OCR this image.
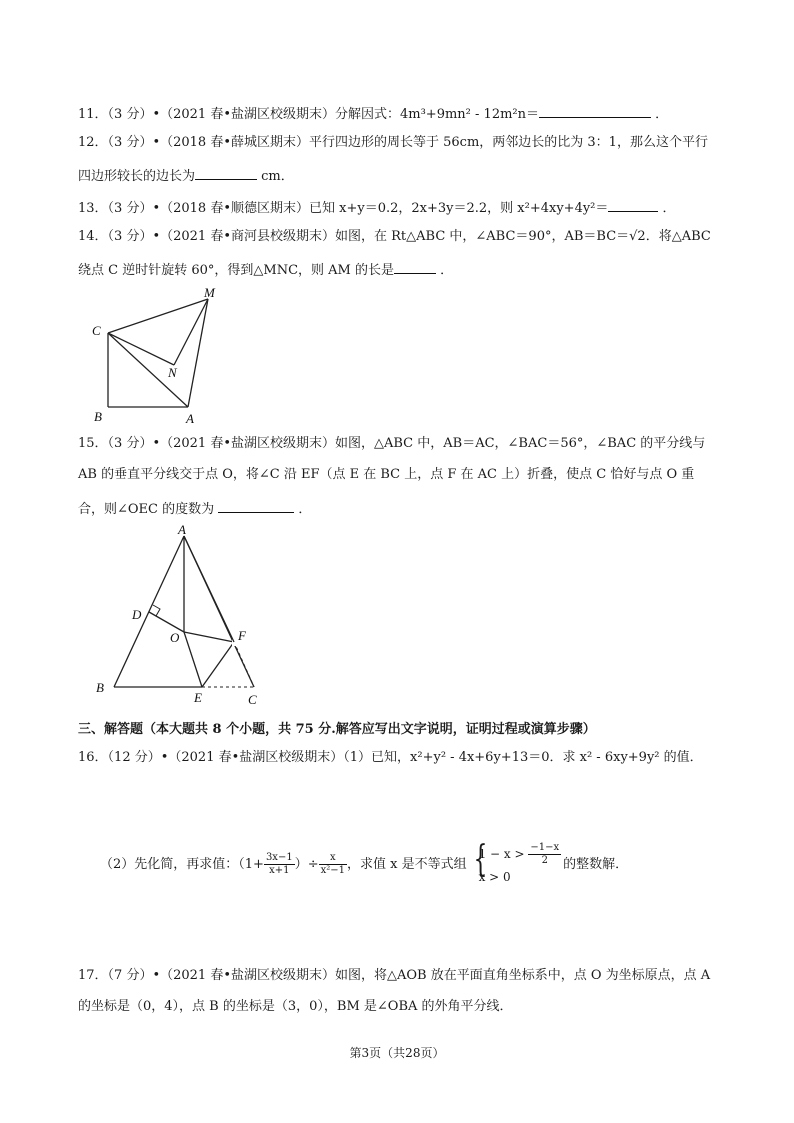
11．（3 分）•（2021 春•盐湖区校级期末）分解因式：4m³+9mn² - 12m²n＝	．
12．（3 分）•（2018 春•薛城区期末）平行四边形的周长等于 56cm，两邻边长的比为 3：1，那么这个平行
四边形较长的边长为	cm．
13．（3 分）•（2018 春•顺德区期末）已知 x+y＝0.2，2x+3y＝2.2，则 x²+4xy+4y²＝	．
14．（3 分）•（2021 春•商河县校级期末）如图，在 Rt△ABC 中，∠ABC＝90°，AB＝BC＝√2．将△ABC
绕点 C 逆时针旋转 60°，得到△MNC，则 AM 的长是	．
M
C
N
B	A
15．（3 分）•（2021 春•盐湖区校级期末）如图，△ABC 中，AB＝AC，∠BAC＝56°，∠BAC 的平分线与
AB 的垂直平分线交于点 O，将∠C 沿 EF（点 E 在 BC 上，点 F 在 AC 上）折叠，使点 C 恰好与点 O 重
合，则∠OEC 的度数为	．
A
D
O	F
B
E	C
三、解答题（本大题共 8 个小题，共 75 分.解答应写出文字说明，证明过程或演算步骤）
16．（12 分）•（2021 春•盐湖区校级期末）（1）已知，x²+y² - 4x+6y+13＝0．求 x² - 6xy+9y² 的值．
（2）先化简，再求值：（$1+ \frac{3x-1}{x+1}$ ）÷ $\frac{x}{\text{x²−1}}$ ，求值 x 是不等式组 {
$1 - x > \frac{-1-x}{2}$
x > 0
的整数解．
17．（7 分）•（2021 春•盐湖区校级期末）如图，将△AOB 放在平面直角坐标系中，点 O 为坐标原点，点 A
的坐标是（0，4），点 B 的坐标是（3，0），BM 是∠OBA 的外角平分线．
第3页（共28页）
